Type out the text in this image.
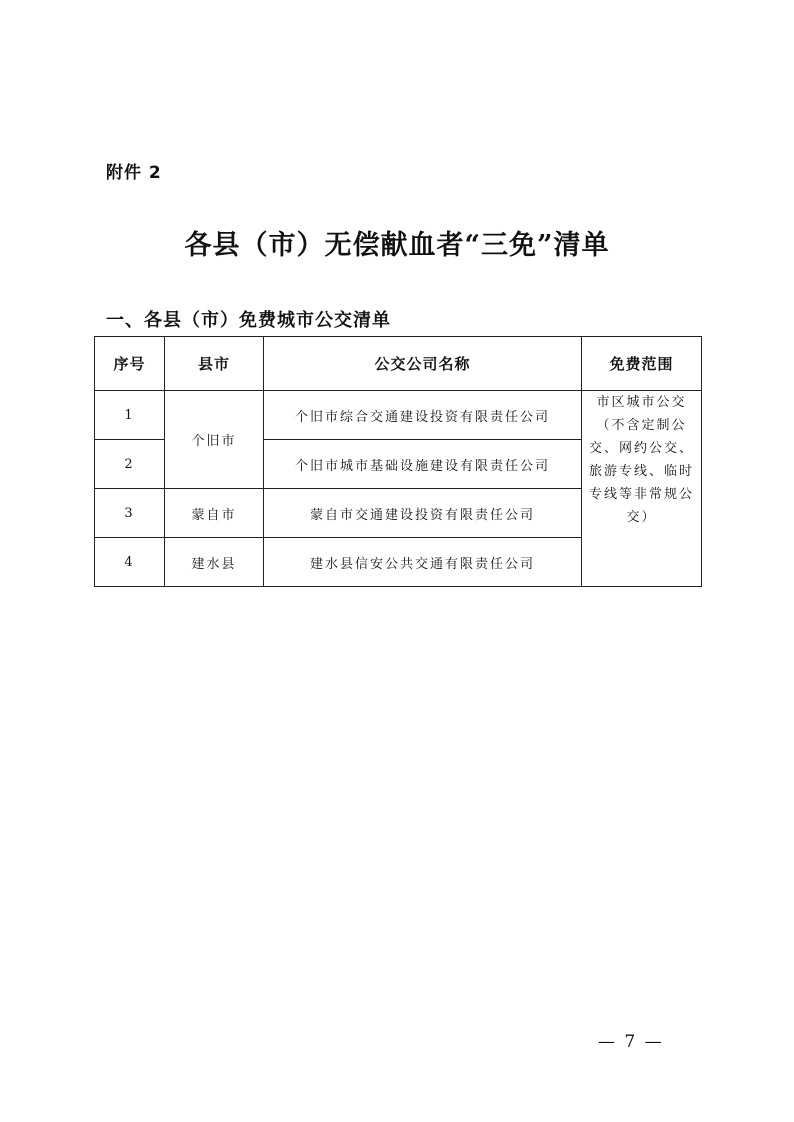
附件 2
各县（市）无偿献血者“三免”清单
一、各县（市）免费城市公交清单
序号	县市	公交公司名称	免费范围
1	个旧市	个旧市综合交通建设投资有限责任公司	市区城市公交（不含定制公交、网约公交、旅游专线、临时专线等非常规公交）
2		个旧市城市基础设施建设有限责任公司	
3	蒙自市	蒙自市交通建设投资有限责任公司	
4	建水县	建水县信安公共交通有限责任公司	
— 7 —
